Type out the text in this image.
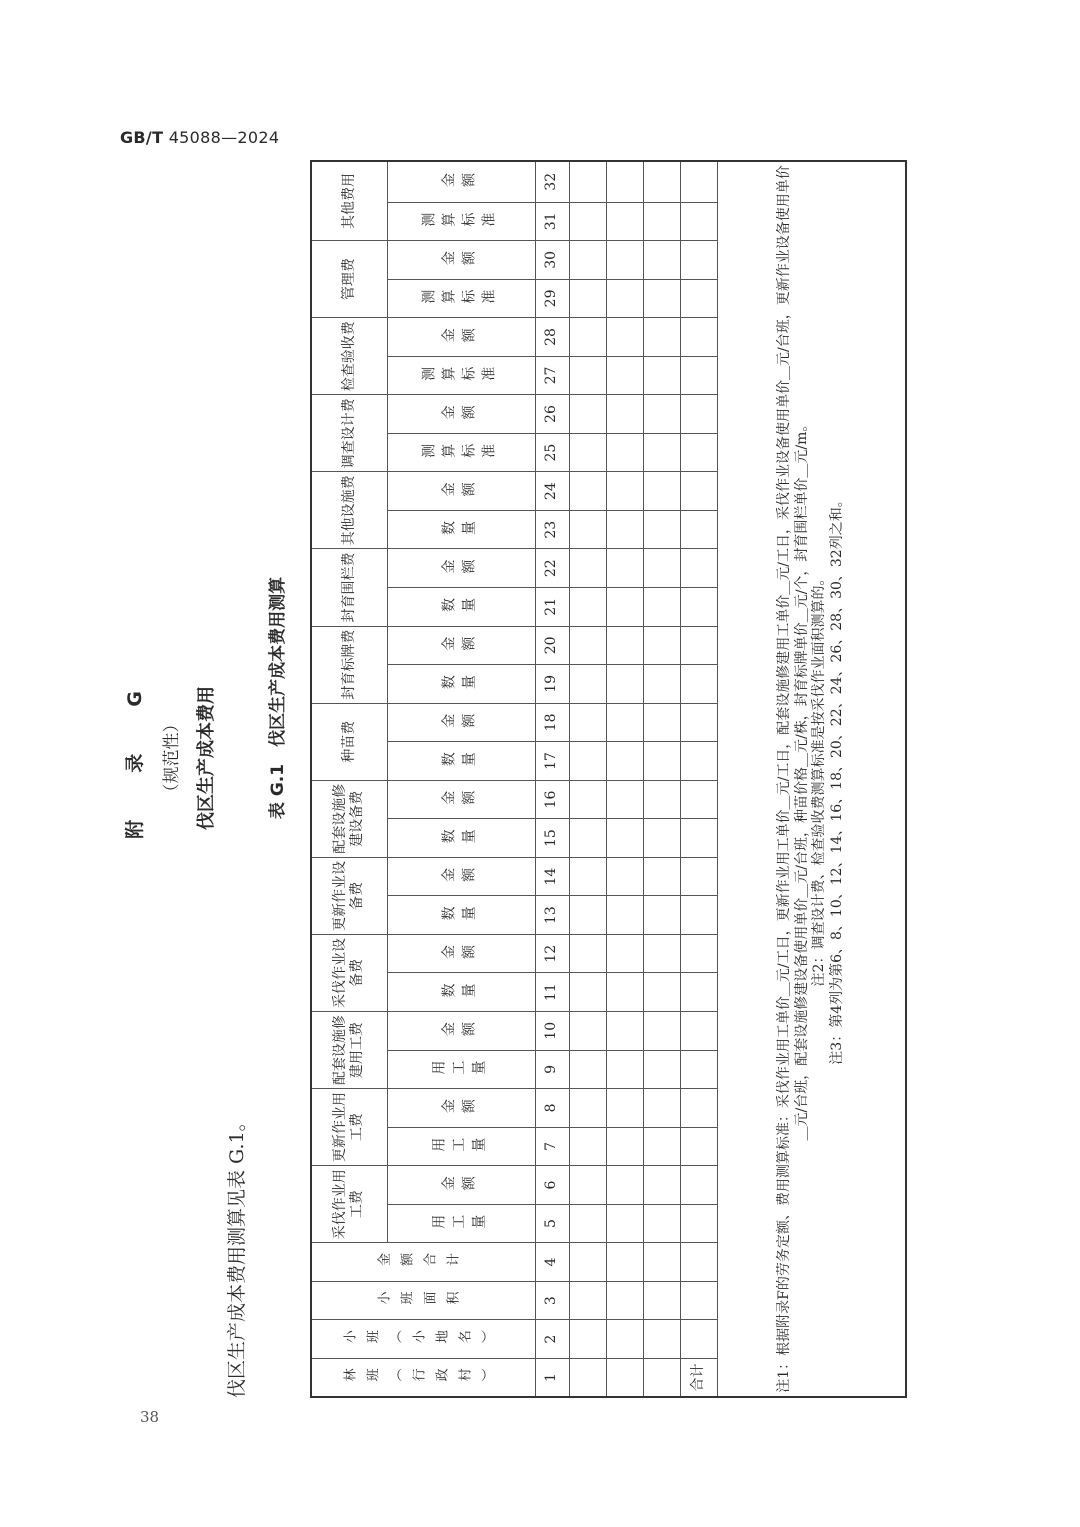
GB/T 45088—2024
附　录　G （规范性） 伐区生产成本费用
伐区生产成本费用测算见表 G.1。
表 G.1　伐区生产成本费用测算
林班（行政村）	小班（小地名）	小班面积	金额合计	采伐作业用工费		更新作业用工费		配套设施修建用工费		采伐作业设备费		更新作业设备费		配套设施修建设备费		种苗费		封育标牌费		封育围栏费		其他设施费		调查设计费		检查验收费		管理费		其他费用	

				用工量	金额	用工量	金额	用工量	金额	数量	金额	数量	金额	数量	金额	数量	金额	数量	金额	数量	金额	数量	金额	测算标准	金额	测算标准	金额	测算标准	金额	测算标准	金额

1	2	3	4	5	6	7	8	9	10	11	12	13	14	15	16	17	18	19	20	21	22	23	24	25	26	27	28	29	30	31	32

合计																															

注1：根据附录F的劳务定额、费用测算标准：采伐作业用工单价＿元/工日，更新作业用工单价＿元/工日，配套设施修建用工单价＿元/工日，采伐作业设备使用单价＿元/台班，更新作业设备使用单价＿元/台班，配套设施修建设备使用单价＿元/台班，种苗价格＿元/株，封育标牌单价＿元/个，封育围栏单价＿元/m。 注2：调查设计费、检查验收费测算标准是按采伐作业面积测算的。 注3：第4列为第6、8、10、12、14、16、18、20、22、24、26、28、30、32列之和。																															
38
